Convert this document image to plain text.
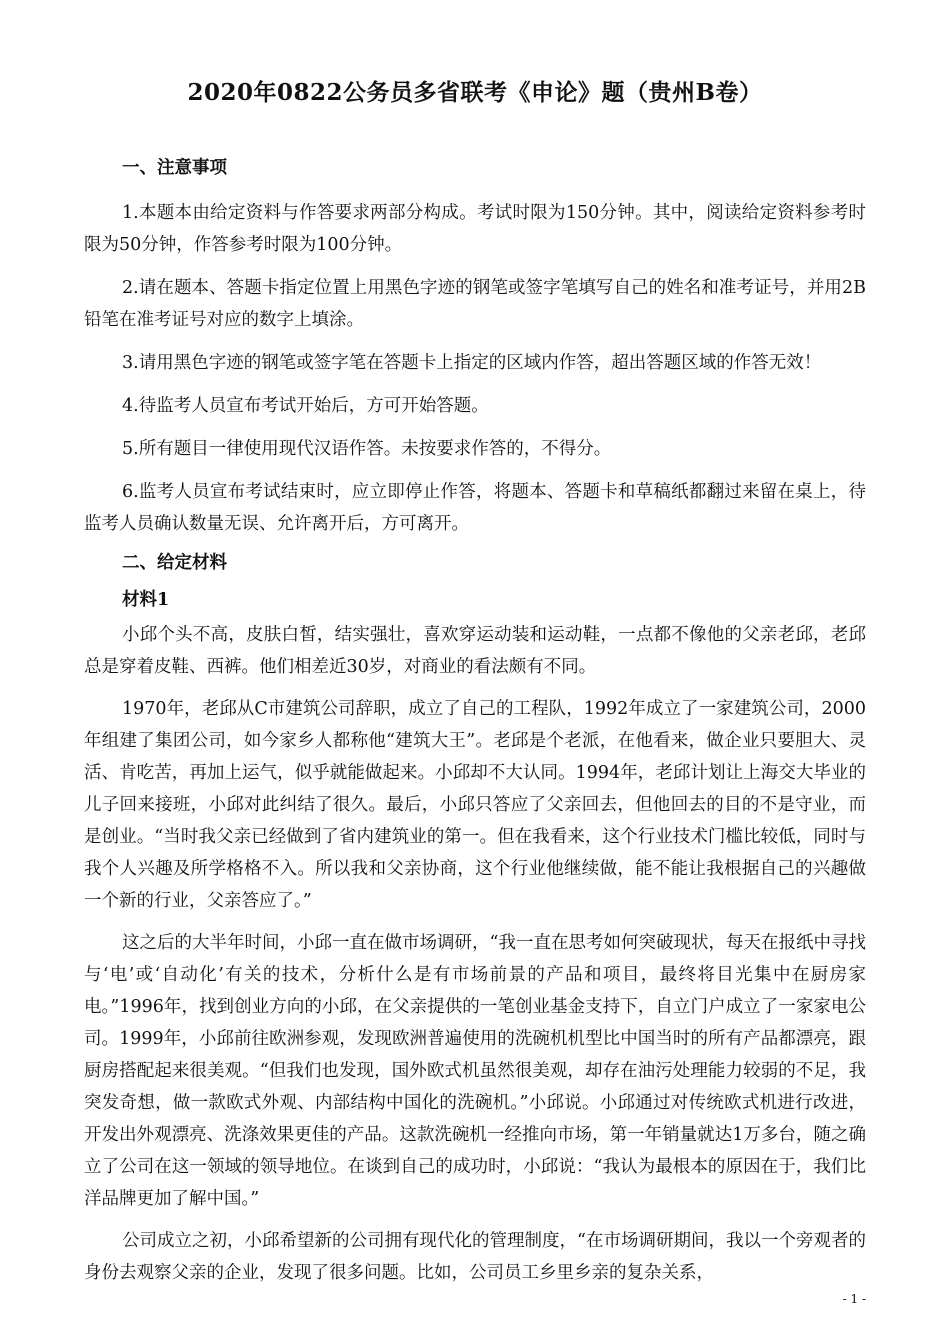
2020年0822公务员多省联考《申论》题（贵州B卷）
一、注意事项

1.本题本由给定资料与作答要求两部分构成。考试时限为150分钟。其中，阅读给定资料参考时限为50分钟，作答参考时限为100分钟。

2.请在题本、答题卡指定位置上用黑色字迹的钢笔或签字笔填写自己的姓名和准考证号，并用2B铅笔在准考证号对应的数字上填涂。

3.请用黑色字迹的钢笔或签字笔在答题卡上指定的区域内作答，超出答题区域的作答无效！

4.待监考人员宣布考试开始后，方可开始答题。

5.所有题目一律使用现代汉语作答。未按要求作答的，不得分。

6.监考人员宣布考试结束时，应立即停止作答，将题本、答题卡和草稿纸都翻过来留在桌上，待监考人员确认数量无误、允许离开后，方可离开。

二、给定材料
材料1

小邱个头不高，皮肤白皙，结实强壮，喜欢穿运动装和运动鞋，一点都不像他的父亲老邱，老邱总是穿着皮鞋、西裤。他们相差近30岁，对商业的看法颇有不同。

1970年，老邱从C市建筑公司辞职，成立了自己的工程队，1992年成立了一家建筑公司，2000年组建了集团公司，如今家乡人都称他“建筑大王”。老邱是个老派，在他看来，做企业只要胆大、灵活、肯吃苦，再加上运气，似乎就能做起来。小邱却不大认同。1994年，老邱计划让上海交大毕业的儿子回来接班，小邱对此纠结了很久。最后，小邱只答应了父亲回去，但他回去的目的不是守业，而是创业。“当时我父亲已经做到了省内建筑业的第一。但在我看来，这个行业技术门槛比较低，同时与我个人兴趣及所学格格不入。所以我和父亲协商，这个行业他继续做，能不能让我根据自己的兴趣做一个新的行业，父亲答应了。”

这之后的大半年时间，小邱一直在做市场调研，“我一直在思考如何突破现状，每天在报纸中寻找与‘电’或‘自动化’有关的技术，分析什么是有市场前景的产品和项目，最终将目光集中在厨房家电。”1996年，找到创业方向的小邱，在父亲提供的一笔创业基金支持下，自立门户成立了一家家电公司。1999年，小邱前往欧洲参观，发现欧洲普遍使用的洗碗机机型比中国当时的所有产品都漂亮，跟厨房搭配起来很美观。“但我们也发现，国外欧式机虽然很美观，却存在油污处理能力较弱的不足，我突发奇想，做一款欧式外观、内部结构中国化的洗碗机。”小邱说。小邱通过对传统欧式机进行改进，开发出外观漂亮、洗涤效果更佳的产品。这款洗碗机一经推向市场，第一年销量就达1万多台，随之确立了公司在这一领域的领导地位。在谈到自己的成功时，小邱说：“我认为最根本的原因在于，我们比洋品牌更加了解中国。”

公司成立之初，小邱希望新的公司拥有现代化的管理制度，“在市场调研期间，我以一个旁观者的身份去观察父亲的企业，发现了很多问题。比如，公司员工乡里乡亲的复杂关系，

- 1 -
